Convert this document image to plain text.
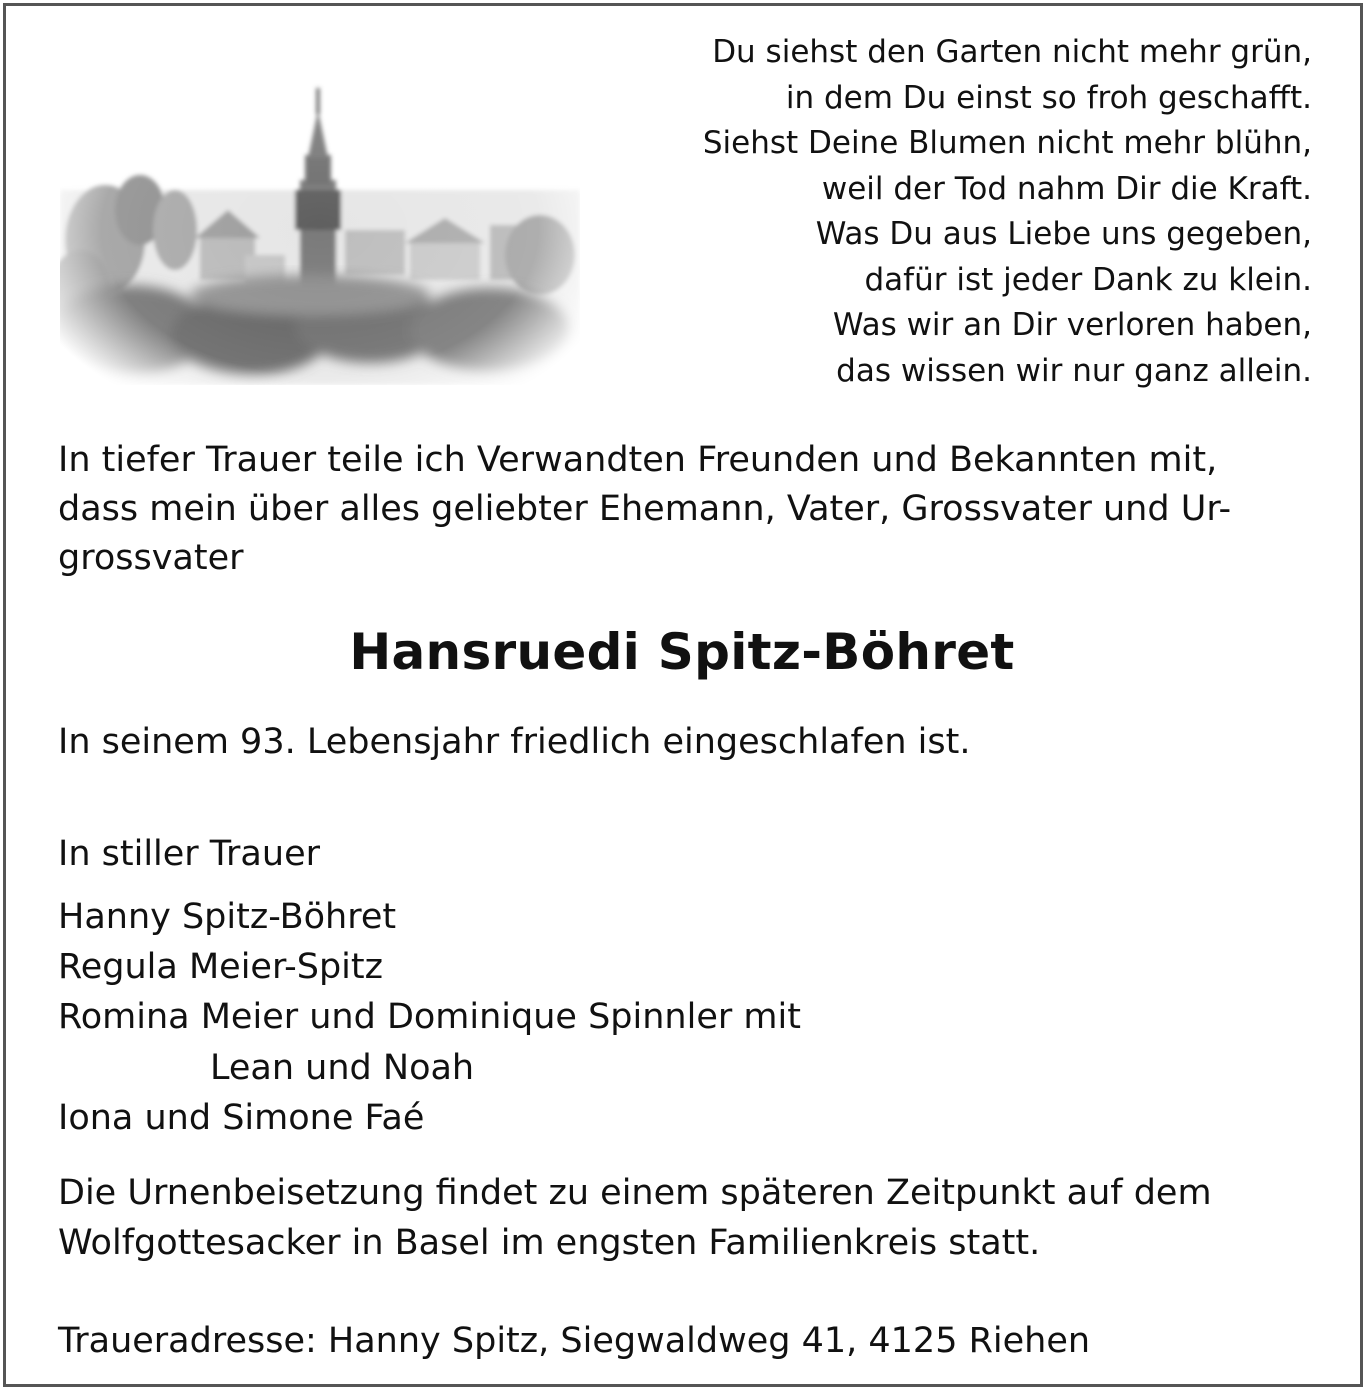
Du siehst den Garten nicht mehr grün,
in dem Du einst so froh geschafft.
Siehst Deine Blumen nicht mehr blühn,
weil der Tod nahm Dir die Kraft.
Was Du aus Liebe uns gegeben,
dafür ist jeder Dank zu klein.
Was wir an Dir verloren haben,
das wissen wir nur ganz allein.
In tiefer Trauer teile ich Verwandten Freunden und Bekannten mit,
dass mein über alles geliebter Ehemann, Vater, Grossvater und Ur-
grossvater
Hansruedi Spitz-Böhret
In seinem 93. Lebensjahr friedlich eingeschlafen ist.
In stiller Trauer
Hanny Spitz-Böhret
Regula Meier-Spitz
Romina Meier und Dominique Spinnler mit
Lean und Noah
Iona und Simone Faé
Die Urnenbeisetzung findet zu einem späteren Zeitpunkt auf dem
Wolfgottesacker in Basel im engsten Familienkreis statt.
Traueradresse: Hanny Spitz, Siegwaldweg 41, 4125 Riehen
